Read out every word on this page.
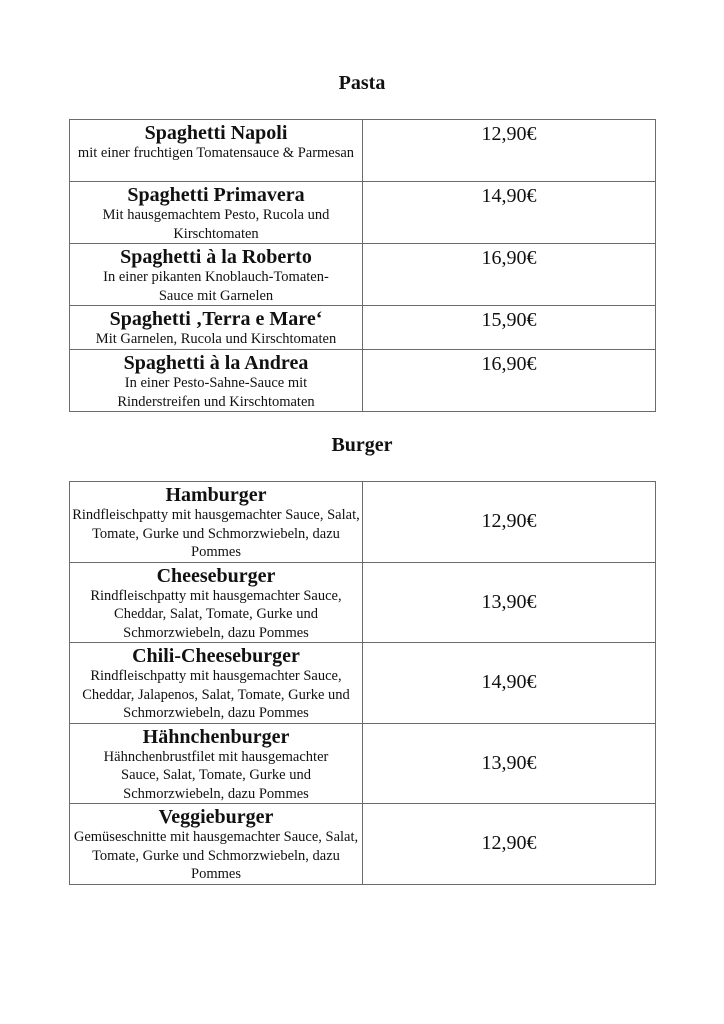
Pasta
Spaghetti Napoli
mit einer fruchtigen Tomatensauce & Parmesan	12,90€

Spaghetti Primavera
Mit hausgemachtem Pesto, Rucola und Kirschtomaten	14,90€

Spaghetti à la Roberto
In einer pikanten Knoblauch-Tomaten-Sauce mit Garnelen	16,90€

Spaghetti ‚Terra e Mare‘
Mit Garnelen, Rucola und Kirschtomaten	15,90€

Spaghetti à la Andrea
In einer Pesto-Sahne-Sauce mit Rinderstreifen und Kirschtomaten	16,90€
Burger
Hamburger
Rindfleischpatty mit hausgemachter Sauce, Salat, Tomate, Gurke und Schmorzwiebeln, dazu Pommes	12,90€

Cheeseburger
Rindfleischpatty mit hausgemachter Sauce, Cheddar, Salat, Tomate, Gurke und Schmorzwiebeln, dazu Pommes	13,90€

Chili-Cheeseburger
Rindfleischpatty mit hausgemachter Sauce, Cheddar, Jalapenos, Salat, Tomate, Gurke und Schmorzwiebeln, dazu Pommes	14,90€

Hähnchenburger
Hähnchenbrustfilet mit hausgemachter Sauce, Salat, Tomate, Gurke und Schmorzwiebeln, dazu Pommes	13,90€

Veggieburger
Gemüseschnitte mit hausgemachter Sauce, Salat, Tomate, Gurke und Schmorzwiebeln, dazu Pommes	12,90€
